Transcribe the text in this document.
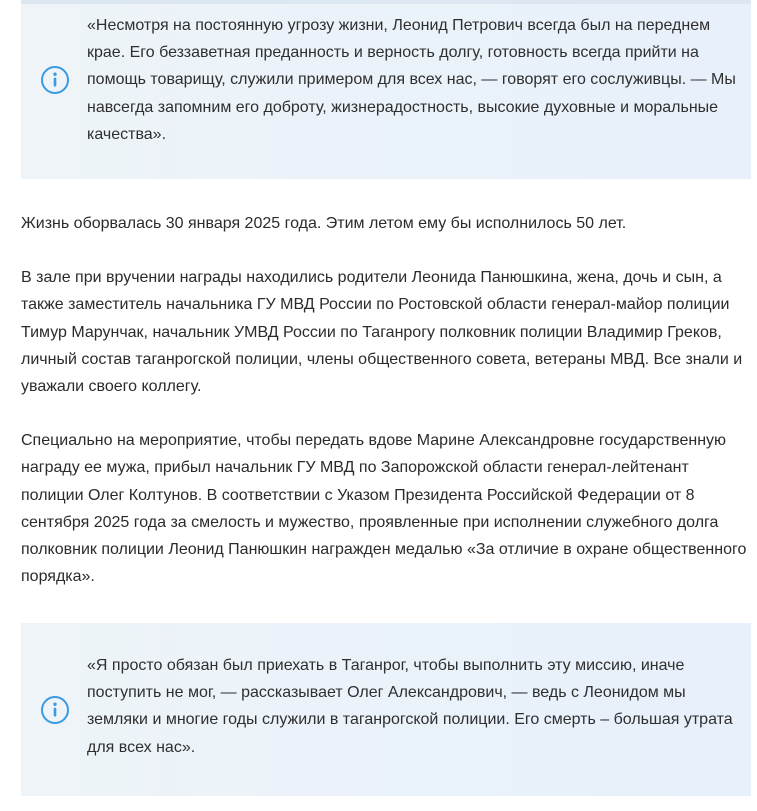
«Несмотря на постоянную угрозу жизни, Леонид Петрович всегда был на переднем крае. Его беззаветная преданность и верность долгу, готовность всегда прийти на помощь товарищу, служили примером для всех нас, — говорят его сослуживцы. — Мы навсегда запомним его доброту, жизнерадостность, высокие духовные и моральные качества».

Жизнь оборвалась 30 января 2025 года. Этим летом ему бы исполнилось 50 лет.

В зале при вручении награды находились родители Леонида Панюшкина, жена, дочь и сын, а также заместитель начальника ГУ МВД России по Ростовской области генерал-майор полиции Тимур Марунчак, начальник УМВД России по Таганрогу полковник полиции Владимир Греков, личный состав таганрогской полиции, члены общественного совета, ветераны МВД. Все знали и уважали своего коллегу.

Специально на мероприятие, чтобы передать вдове Марине Александровне государственную награду ее мужа, прибыл начальник ГУ МВД по Запорожской области генерал-лейтенант полиции Олег Колтунов. В соответствии с Указом Президента Российской Федерации от 8 сентября 2025 года за смелость и мужество, проявленные при исполнении служебного долга полковник полиции Леонид Панюшкин награжден медалью «За отличие в охране общественного порядка».

«Я просто обязан был приехать в Таганрог, чтобы выполнить эту миссию, иначе поступить не мог, — рассказывает Олег Александрович, — ведь с Леонидом мы земляки и многие годы служили в таганрогской полиции. Его смерть – большая утрата для всех нас».
